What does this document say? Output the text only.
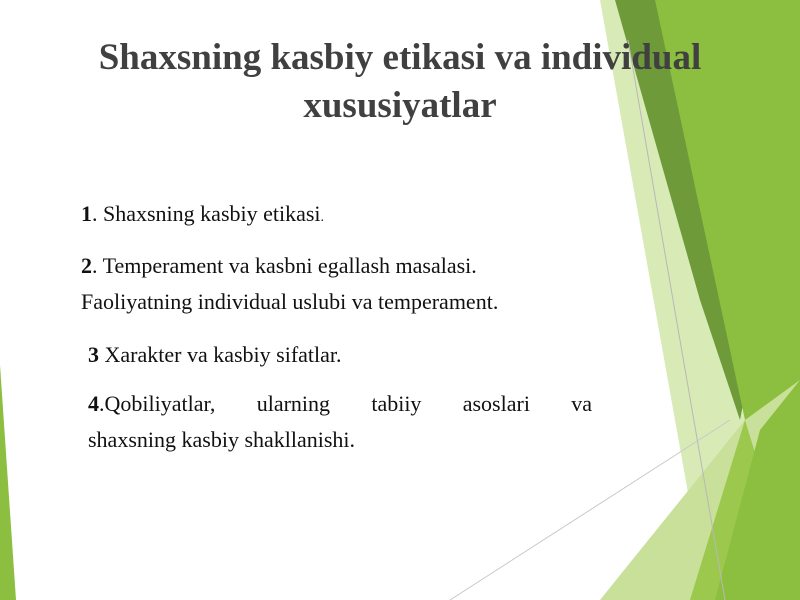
Shaxsning kasbiy etikasi va individual
xususiyatlar

1. Shaxsning kasbiy etikasi.

2. Temperament va kasbni egallash masalasi.
Faoliyatning individual uslubi va temperament.

3 Xarakter va kasbiy sifatlar.

4.Qobiliyatlar, ularning tabiiy asoslari va
shaxsning kasbiy shakllanishi.
